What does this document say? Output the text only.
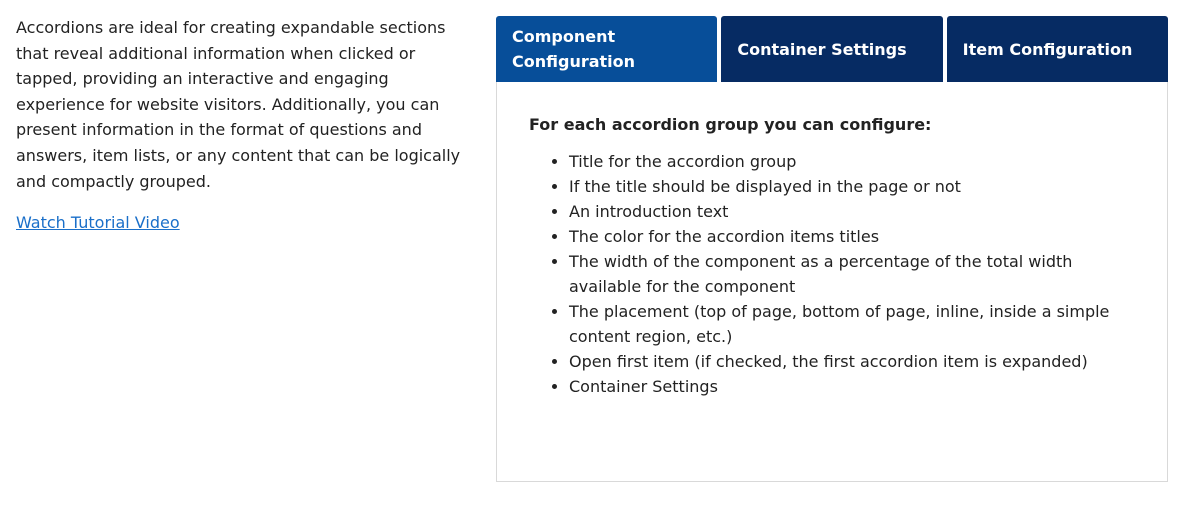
Accordions are ideal for creating expandable sections that reveal additional information when clicked or tapped, providing an interactive and engaging experience for website visitors. Additionally, you can present information in the format of questions and answers, item lists, or any content that can be logically and compactly grouped.

Watch Tutorial Video
Component Configuration
Container Settings	Item Configuration
For each accordion group you can configure:
• Title for the accordion group
• If the title should be displayed in the page or not
• An introduction text
• The color for the accordion items titles
• The width of the component as a percentage of the total width available for the component
• The placement (top of page, bottom of page, inline, inside a simple content region, etc.)
• Open first item (if checked, the first accordion item is expanded)
• Container Settings
